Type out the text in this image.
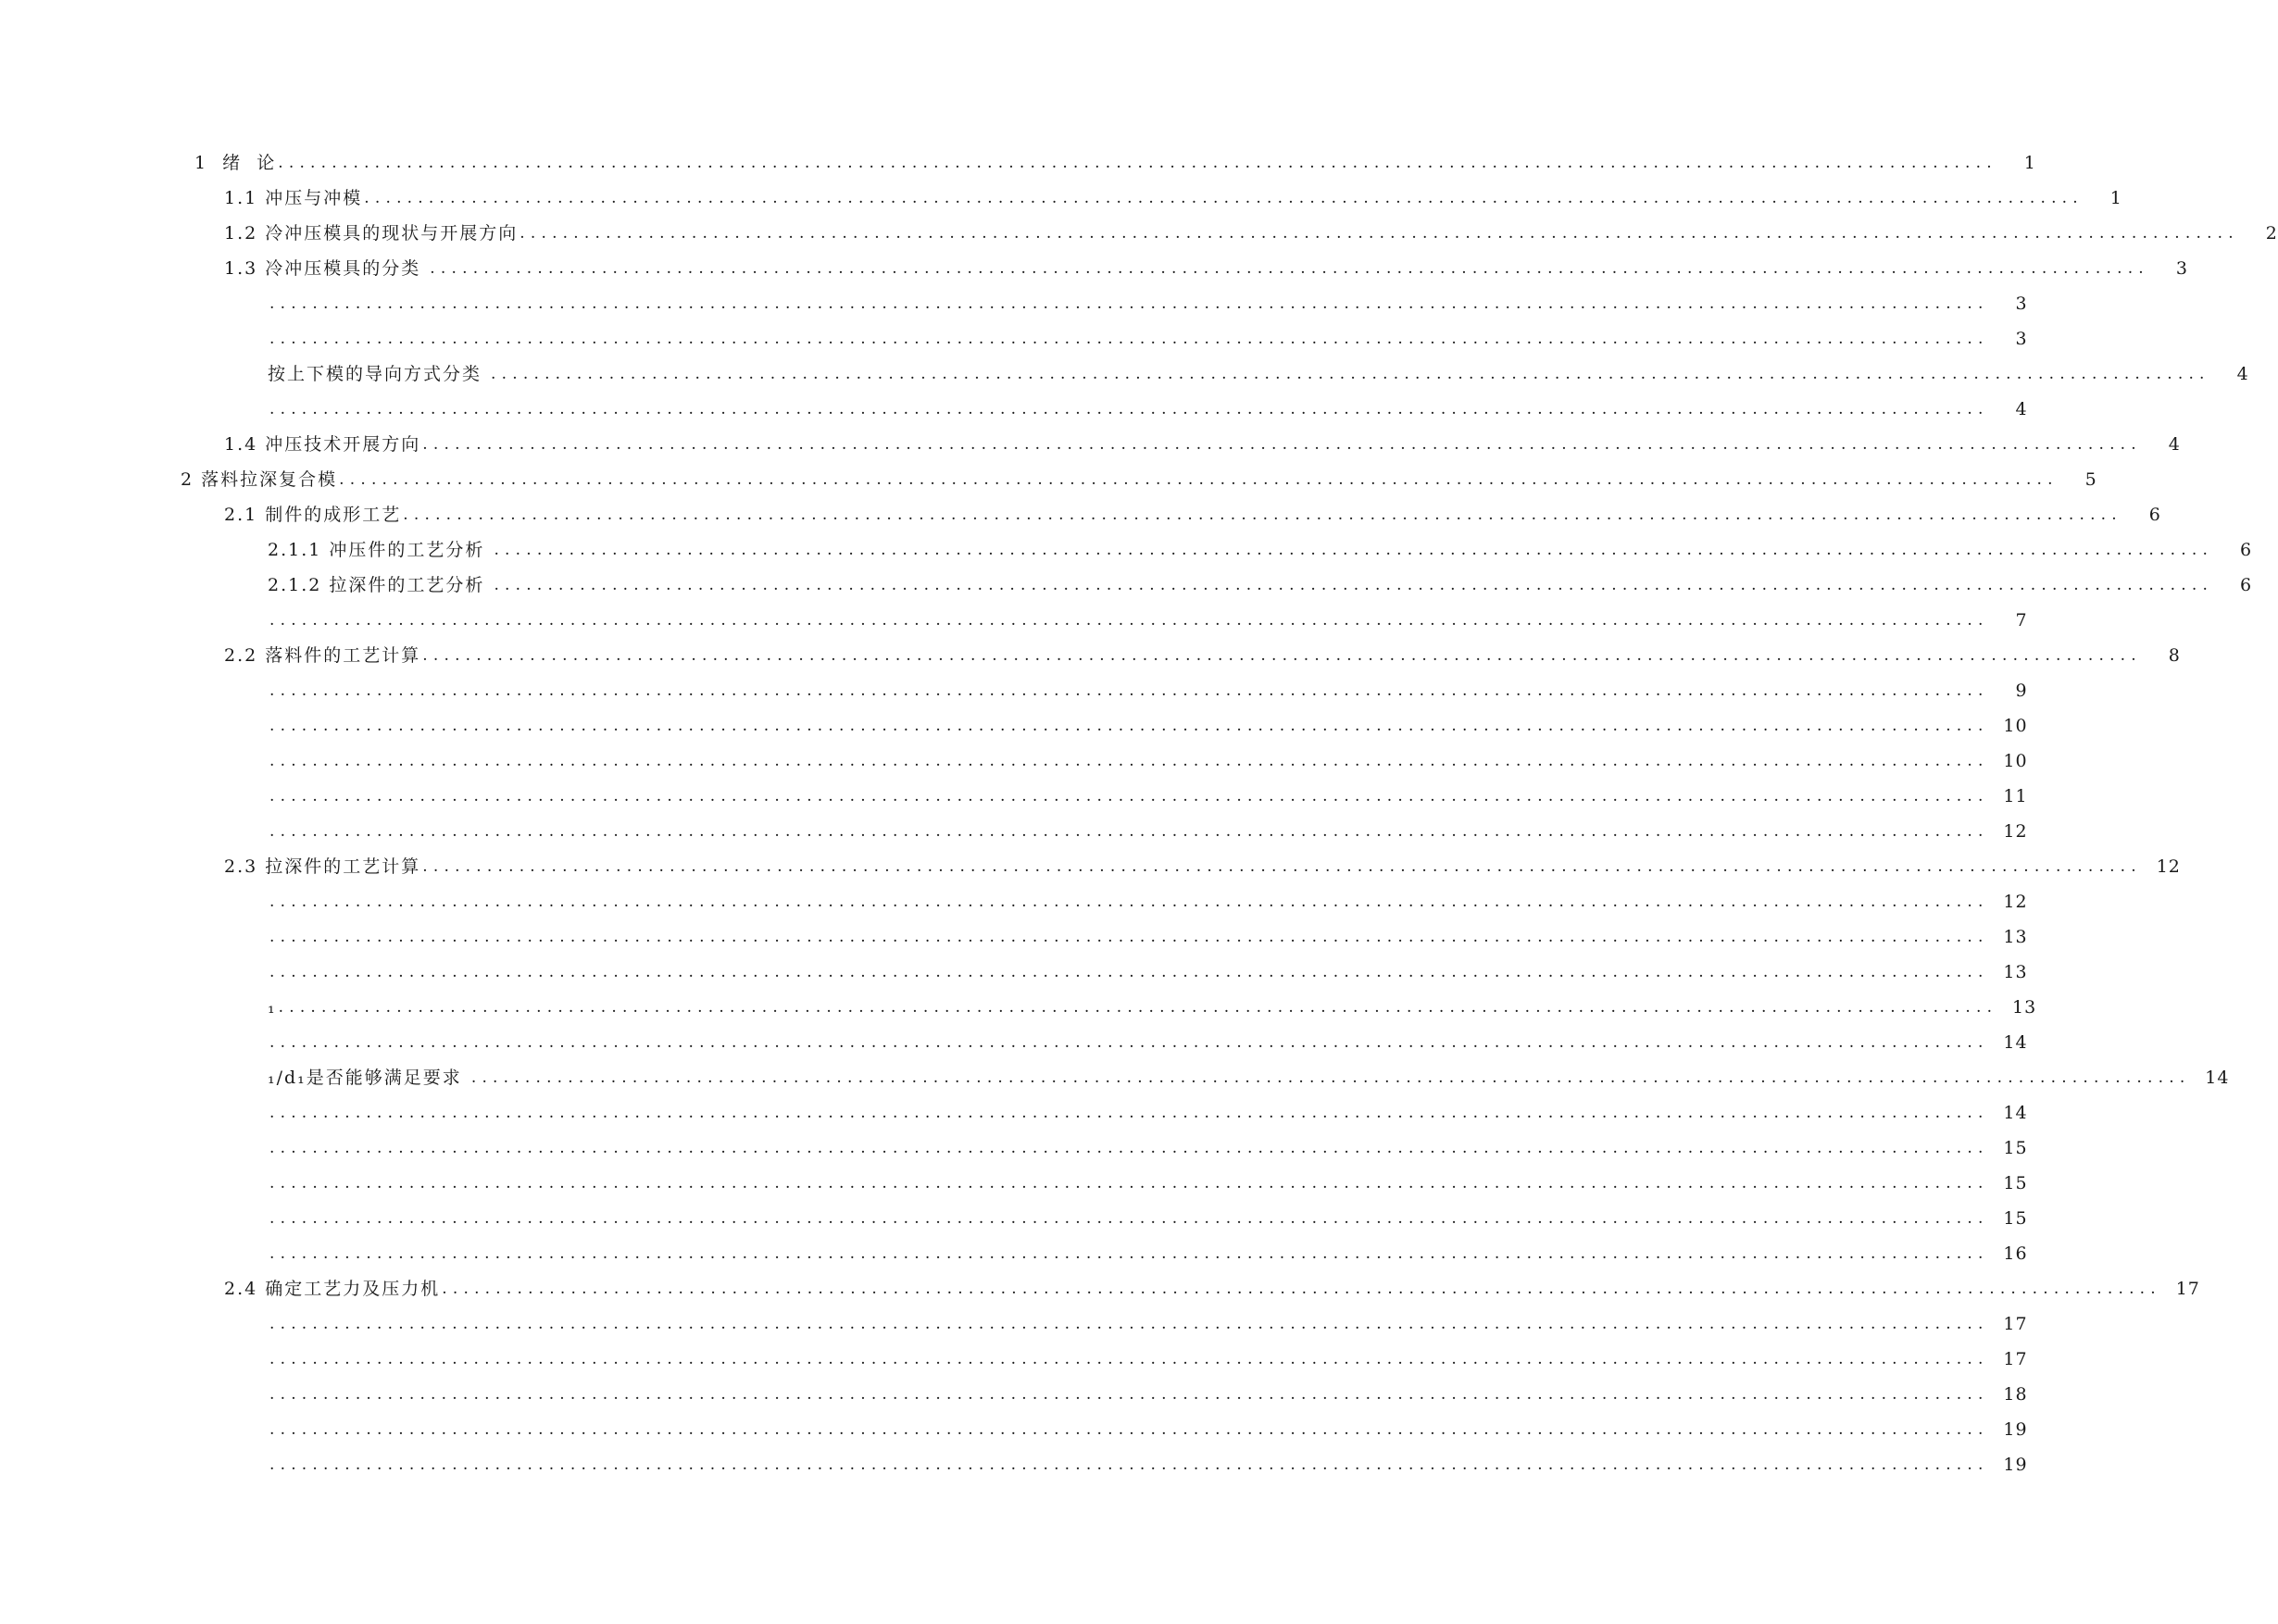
1  绪  论 ................................................................................................................................................................	1
1.1 冲压与冲模 ................................................................................................................................................................	1
1.2 冷冲压模具的现状与开展方向 ................................................................................................................................................................	2
1.3 冷冲压模具的分类 ................................................................................................................................................................	3
................................................................................................................................................................	3
................................................................................................................................................................	3
按上下模的导向方式分类 ................................................................................................................................................................	4
................................................................................................................................................................	4
1.4 冲压技术开展方向 ................................................................................................................................................................	4
2 落料拉深复合模 ................................................................................................................................................................	5
2.1 制件的成形工艺 ................................................................................................................................................................	6
2.1.1 冲压件的工艺分析 ................................................................................................................................................................	6
2.1.2 拉深件的工艺分析 ................................................................................................................................................................	6
................................................................................................................................................................	7
2.2 落料件的工艺计算 ................................................................................................................................................................	8
................................................................................................................................................................	9
................................................................................................................................................................ 10
................................................................................................................................................................ 10
................................................................................................................................................................ 11
................................................................................................................................................................ 12
2.3 拉深件的工艺计算 ................................................................................................................................................................ 12
................................................................................................................................................................ 12
................................................................................................................................................................ 13
................................................................................................................................................................ 13
₁ ................................................................................................................................................................ 13
................................................................................................................................................................ 14
₁/d₁是否能够满足要求 ................................................................................................................................................................ 14
................................................................................................................................................................ 14
................................................................................................................................................................ 15
................................................................................................................................................................ 15
................................................................................................................................................................ 15
................................................................................................................................................................ 16
2.4 确定工艺力及压力机 ................................................................................................................................................................ 17
................................................................................................................................................................ 17
................................................................................................................................................................ 17
................................................................................................................................................................ 18
................................................................................................................................................................ 19
................................................................................................................................................................ 19
